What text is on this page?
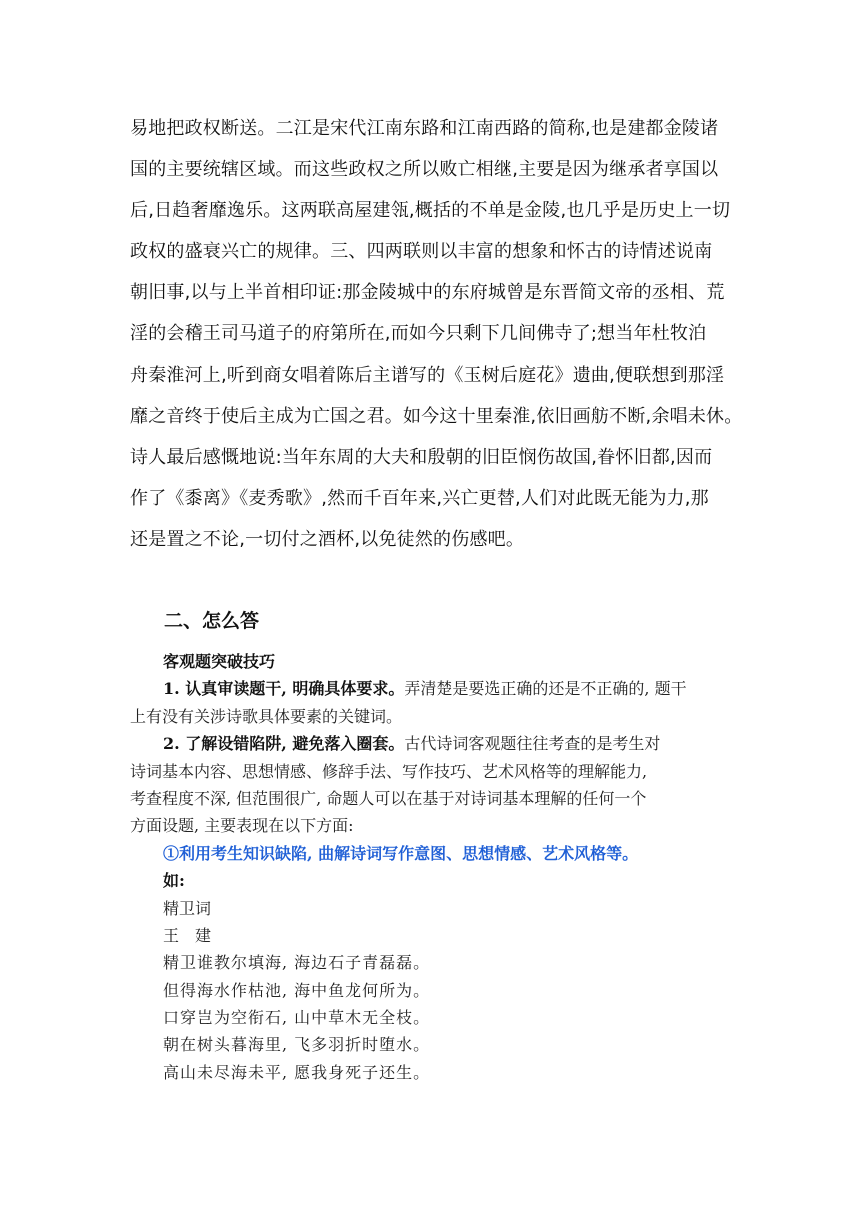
易地把政权断送。二江是宋代江南东路和江南西路的简称,也是建都金陵诸
国的主要统辖区域。而这些政权之所以败亡相继,主要是因为继承者享国以
后,日趋奢靡逸乐。这两联高屋建瓴,概括的不单是金陵,也几乎是历史上一切
政权的盛衰兴亡的规律。三、四两联则以丰富的想象和怀古的诗情述说南
朝旧事,以与上半首相印证:那金陵城中的东府城曾是东晋简文帝的丞相、荒
淫的会稽王司马道子的府第所在,而如今只剩下几间佛寺了;想当年杜牧泊
舟秦淮河上,听到商女唱着陈后主谱写的《玉树后庭花》遗曲,便联想到那淫
靡之音终于使后主成为亡国之君。如今这十里秦淮,依旧画舫不断,余唱未休。
诗人最后感慨地说:当年东周的大夫和殷朝的旧臣悯伤故国,眷怀旧都,因而
作了《黍离》《麦秀歌》,然而千百年来,兴亡更替,人们对此既无能为力,那
还是置之不论,一切付之酒杯,以免徒然的伤感吧。
二、怎么答
客观题突破技巧
1. 认真审读题干, 明确具体要求。弄清楚是要选正确的还是不正确的, 题干
上有没有关涉诗歌具体要素的关键词。
2. 了解设错陷阱, 避免落入圈套。古代诗词客观题往往考查的是考生对
诗词基本内容、思想情感、修辞手法、写作技巧、艺术风格等的理解能力,
考查程度不深, 但范围很广, 命题人可以在基于对诗词基本理解的任何一个
方面设题, 主要表现在以下方面:
①利用考生知识缺陷, 曲解诗词写作意图、思想情感、艺术风格等。
如:
精卫词
王　建
精卫谁教尔填海, 海边石子青磊磊。
但得海水作枯池, 海中鱼龙何所为。
口穿岂为空衔石, 山中草木无全枝。
朝在树头暮海里, 飞多羽折时堕水。
高山未尽海未平, 愿我身死子还生。
